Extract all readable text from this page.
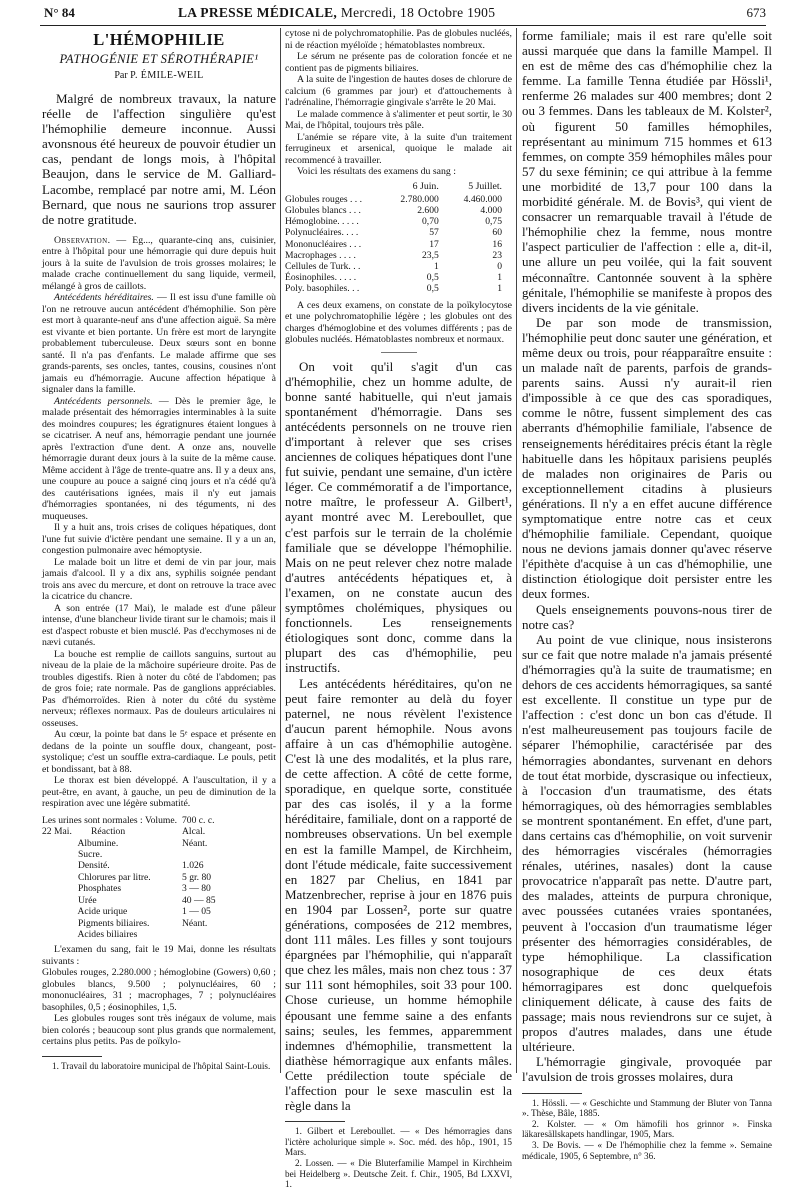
N° 84	LA PRESSE MÉDICALE, Mercredi, 18 Octobre 1905	673
L'HÉMOPHILIE
PATHOGÉNIE ET SÉROTHÉRAPIE¹
Par P. ÉMILE-WEIL

Malgré de nombreux travaux, la nature réelle de l'affection singulière qu'est l'hémophilie demeure inconnue. Aussi avonsnous été heureux de pouvoir étudier un cas, pendant de longs mois, à l'hôpital Beaujon, dans le service de M. Galliard-Lacombe, remplacé par notre ami, M. Léon Bernard, que nous ne saurions trop assurer de notre gratitude.

Observation. — Eg..., quarante-cinq ans, cuisinier, entre à l'hôpital pour une hémorragie qui dure depuis huit jours à la suite de l'avulsion de trois grosses molaires; le malade crache continuellement du sang liquide, vermeil, mélangé à gros de caillots.

Antécédents héréditaires. — Il est issu d'une famille où l'on ne retrouve aucun antécédent d'hémophilie. Son père est mort à quarante-neuf ans d'une affection aiguë. Sa mère est vivante et bien portante. Un frère est mort de laryngite probablement tuberculeuse. Deux sœurs sont en bonne santé. Il n'a pas d'enfants. Le malade affirme que ses grands-parents, ses oncles, tantes, cousins, cousines n'ont jamais eu d'hémorragie. Aucune affection hépatique à signaler dans la famille.

Antécédents personnels. — Dès le premier âge, le malade présentait des hémorragies interminables à la suite des moindres coupures; les égratignures étaient longues à se cicatriser. A neuf ans, hémorragie pendant une journée après l'extraction d'une dent. A onze ans, nouvelle hémorragie durant deux jours à la suite de la même cause. Même accident à l'âge de trente-quatre ans. Il y a deux ans, une coupure au pouce a saigné cinq jours et n'a cédé qu'à des cautérisations ignées, mais il n'y eut jamais d'hémorragies spontanées, ni des téguments, ni des muqueuses.

Il y a huit ans, trois crises de coliques hépatiques, dont l'une fut suivie d'ictère pendant une semaine. Il y a un an, congestion pulmonaire avec hémoptysie.

Le malade boit un litre et demi de vin par jour, mais jamais d'alcool. Il y a dix ans, syphilis soignée pendant trois ans avec du mercure, et dont on retrouve la trace avec la cicatrice du chancre.

A son entrée (17 Mai), le malade est d'une pâleur intense, d'une blancheur livide tirant sur le chamois; mais il est d'aspect robuste et bien musclé. Pas d'ecchymoses ni de nævi cutanés.

La bouche est remplie de caillots sanguins, surtout au niveau de la plaie de la mâchoire supérieure droite. Pas de troubles digestifs. Rien à noter du côté de l'abdomen; pas de gros foie; rate normale. Pas de ganglions appréciables. Pas d'hémorroïdes. Rien à noter du côté du système nerveux; réflexes normaux. Pas de douleurs articulaires ni osseuses.

Au cœur, la pointe bat dans le 5ᵉ espace et présente en dedans de la pointe un souffle doux, changeant, post-systolique; c'est un souffle extra-cardiaque. Le pouls, petit et bondissant, bat à 88.

Le thorax est bien développé. A l'auscultation, il y a peut-être, en avant, à gauche, un peu de diminution de la respiration avec une légère submatité.

Les urines sont normales : Volume. 700 c. c.
22 Mai.        Réaction	Alcal.
Albumine.	Néant.
Sucre.
Densité.	1.026
Chlorures par litre.	5 gr. 80
Phosphates	3 — 80
Urée	40 — 85
Acide urique	1 — 05
Pigments biliaires.	Néant.
Acides biliaires

L'examen du sang, fait le 19 Mai, donne les résultats suivants :

Globules rouges, 2.280.000 ; hémoglobine (Gowers) 0,60 ; globules blancs, 9.500 ; polynucléaires, 60 ; mononucléaires, 31 ; macrophages, 7 ; polynucléaires basophiles, 0,5 ; éosinophiles, 1,5.

Les globules rouges sont très inégaux de volume, mais bien colorés ; beaucoup sont plus grands que normalement, certains plus petits. Pas de poïkylo-

1. Travail du laboratoire municipal de l'hôpital Saint-Louis.

cytose ni de polychromatophilie. Pas de globules nucléés, ni de réaction myéloïde ; hématoblastes nombreux.

Le sérum ne présente pas de coloration foncée et ne contient pas de pigments biliaires.

A la suite de l'ingestion de hautes doses de chlorure de calcium (6 grammes par jour) et d'attouchements à l'adrénaline, l'hémorragie gingivale s'arrête le 20 Mai.

Le malade commence à s'alimenter et peut sortir, le 30 Mai, de l'hôpital, toujours très pâle.

L'anémie se répare vite, à la suite d'un traitement ferrugineux et arsenical, quoique le malade ait recommencé à travailler.

Voici les résultats des examens du sang :

	6 Juin.	5 Juillet.
Globules rouges . . .	2.780.000	4.460.000
Globules blancs . . .	2.600	4.000
Hémoglobine. . . . .	0,70	0,75
Polynucléaires. . . .	57	60
Mononucléaires . . .	17	16
Macrophages . . . .	23,5	23
Cellules de Turk. . .	1	0
Éosinophiles. . . . .	0,5	1
Poly. basophiles. . .	0,5	1

A ces deux examens, on constate de la poïkylocytose et une polychromatophilie légère ; les globules ont des charges d'hémoglobine et des volumes différents ; pas de globules nucléés. Hématoblastes nombreux et normaux.

On voit qu'il s'agit d'un cas d'hémophilie, chez un homme adulte, de bonne santé habituelle, qui n'eut jamais spontanément d'hémorragie. Dans ses antécédents personnels on ne trouve rien d'important à relever que ses crises anciennes de coliques hépatiques dont l'une fut suivie, pendant une semaine, d'un ictère léger. Ce commémoratif a de l'importance, notre maître, le professeur A. Gilbert¹, ayant montré avec M. Lereboullet, que c'est parfois sur le terrain de la cholémie familiale que se développe l'hémophilie. Mais on ne peut relever chez notre malade d'autres antécédents hépatiques et, à l'examen, on ne constate aucun des symptômes cholémiques, physiques ou fonctionnels. Les renseignements étiologiques sont donc, comme dans la plupart des cas d'hémophilie, peu instructifs.

Les antécédents héréditaires, qu'on ne peut faire remonter au delà du foyer paternel, ne nous révèlent l'existence d'aucun parent hémophile. Nous avons affaire à un cas d'hémophilie autogène. C'est là une des modalités, et la plus rare, de cette affection. A côté de cette forme, sporadique, en quelque sorte, constituée par des cas isolés, il y a la forme héréditaire, familiale, dont on a rapporté de nombreuses observations. Un bel exemple en est la famille Mampel, de Kirchheim, dont l'étude médicale, faite successivement en 1827 par Chelius, en 1841 par Matzenbrecher, reprise à jour en 1876 puis en 1904 par Lossen², porte sur quatre générations, composées de 212 membres, dont 111 mâles. Les filles y sont toujours épargnées par l'hémophilie, qui n'apparaît que chez les mâles, mais non chez tous : 37 sur 111 sont hémophiles, soit 33 pour 100. Chose curieuse, un homme hémophile épousant une femme saine a des enfants sains; seules, les femmes, apparemment indemnes d'hémophilie, transmettent la diathèse hémorragique aux enfants mâles. Cette prédilection toute spéciale de l'affection pour le sexe masculin est la règle dans la

1. Gilbert et Lereboullet. — « Des hémorragies dans l'ictère acholurique simple ». Soc. méd. des hôp., 1901, 15 Mars.

2. Lossen. — « Die Bluterfamilie Mampel in Kirchheim bei Heidelberg ». Deutsche Zeit. f. Chir., 1905, Bd LXXVI, 1.

forme familiale; mais il est rare qu'elle soit aussi marquée que dans la famille Mampel. Il en est de même des cas d'hémophilie chez la femme. La famille Tenna étudiée par Hössli¹, renferme 26 malades sur 400 membres; dont 2 ou 3 femmes. Dans les tableaux de M. Kolster², où figurent 50 familles hémophiles, représentant au minimum 715 hommes et 613 femmes, on compte 359 hémophiles mâles pour 57 du sexe féminin; ce qui attribue à la femme une morbidité de 13,7 pour 100 dans la morbidité générale. M. de Bovis³, qui vient de consacrer un remarquable travail à l'étude de l'hémophilie chez la femme, nous montre l'aspect particulier de l'affection : elle a, dit-il, une allure un peu voilée, qui la fait souvent méconnaître. Cantonnée souvent à la sphère génitale, l'hémophilie se manifeste à propos des divers incidents de la vie génitale.

De par son mode de transmission, l'hémophilie peut donc sauter une génération, et même deux ou trois, pour réapparaître ensuite : un malade naît de parents, parfois de grands-parents sains. Aussi n'y aurait-il rien d'impossible à ce que des cas sporadiques, comme le nôtre, fussent simplement des cas aberrants d'hémophilie familiale, l'absence de renseignements héréditaires précis étant la règle habituelle dans les hôpitaux parisiens peuplés de malades non originaires de Paris ou exceptionnellement citadins à plusieurs générations. Il n'y a en effet aucune différence symptomatique entre notre cas et ceux d'hémophilie familiale. Cependant, quoique nous ne devions jamais donner qu'avec réserve l'épithète d'acquise à un cas d'hémophilie, une distinction étiologique doit persister entre les deux formes.

Quels enseignements pouvons-nous tirer de notre cas?

Au point de vue clinique, nous insisterons sur ce fait que notre malade n'a jamais présenté d'hémorragies qu'à la suite de traumatisme; en dehors de ces accidents hémorragiques, sa santé est excellente. Il constitue un type pur de l'affection : c'est donc un bon cas d'étude. Il n'est malheureusement pas toujours facile de séparer l'hémophilie, caractérisée par des hémorragies abondantes, survenant en dehors de tout état morbide, dyscrasique ou infectieux, à l'occasion d'un traumatisme, des états hémorragiques, où des hémorragies semblables se montrent spontanément. En effet, d'une part, dans certains cas d'hémophilie, on voit survenir des hémorragies viscérales (hémorragies rénales, utérines, nasales) dont la cause provocatrice n'apparaît pas nette. D'autre part, des malades, atteints de purpura chronique, avec poussées cutanées vraies spontanées, peuvent à l'occasion d'un traumatisme léger présenter des hémorragies considérables, de type hémophilique. La classification nosographique de ces deux états hémorragipares est donc quelquefois cliniquement délicate, à cause des faits de passage; mais nous reviendrons sur ce sujet, à propos d'autres malades, dans une étude ultérieure.

L'hémorragie gingivale, provoquée par l'avulsion de trois grosses molaires, dura

1. Hössli. — « Geschichte und Stammung der Bluter von Tanna ». Thèse, Bâle, 1885.

2. Kolster. — « Om hämofili hos grinnor ». Finska läkaresällskapets handlingar, 1905, Mars.

3. De Bovis. — « De l'hémophilie chez la femme ». Semaine médicale, 1905, 6 Septembre, n° 36.
